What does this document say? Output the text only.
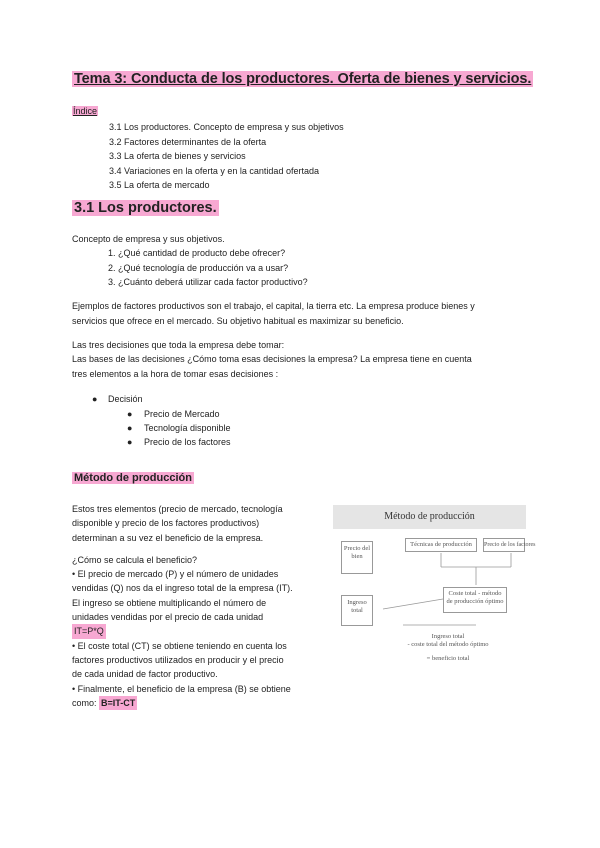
Tema 3: Conducta de los productores. Oferta de bienes y servicios.
Índice
3.1 Los productores. Concepto de empresa y sus objetivos
3.2 Factores determinantes de la oferta
3.3 La oferta de bienes y servicios
3.4 Variaciones en la oferta y en la cantidad ofertada
3.5 La oferta de mercado
3.1 Los productores.
Concepto de empresa y sus objetivos.
1. ¿Qué cantidad de producto debe ofrecer?
2. ¿Qué tecnología de producción va a usar?
3. ¿Cuánto deberá utilizar cada factor productivo?
Ejemplos de factores productivos son el trabajo, el capital, la tierra etc. La empresa produce bienes y
servicios que ofrece en el mercado. Su objetivo habitual es maximizar su beneficio.
Las tres decisiones que toda la empresa debe tomar:
Las bases de las decisiones ¿Cómo toma esas decisiones la empresa? La empresa tiene en cuenta
tres elementos a la hora de tomar esas decisiones :
● Decisión
● Precio de Mercado
● Tecnología disponible
● Precio de los factores
Método de producción
Estos tres elementos (precio de mercado, tecnología
disponible y precio de los factores productivos)
determinan a su vez el beneficio de la empresa.
¿Cómo se calcula el beneficio?
• El precio de mercado (P) y el número de unidades
vendidas (Q) nos da el ingreso total de la empresa (IT).
El ingreso se obtiene multiplicando el número de
unidades vendidas por el precio de cada unidad
IT=P*Q
• El coste total (CT) se obtiene teniendo en cuenta los
factores productivos utilizados en producir y el precio
de cada unidad de factor productivo.
• Finalmente, el beneficio de la empresa (B) se obtiene
como: B=IT-CT
Método de producción
Precio del bien
Técnicas de producción	Precio de los factores
Ingreso total
Coste total - método
de producción óptimo
Ingreso total
- coste total del método óptimo
= beneficio total
